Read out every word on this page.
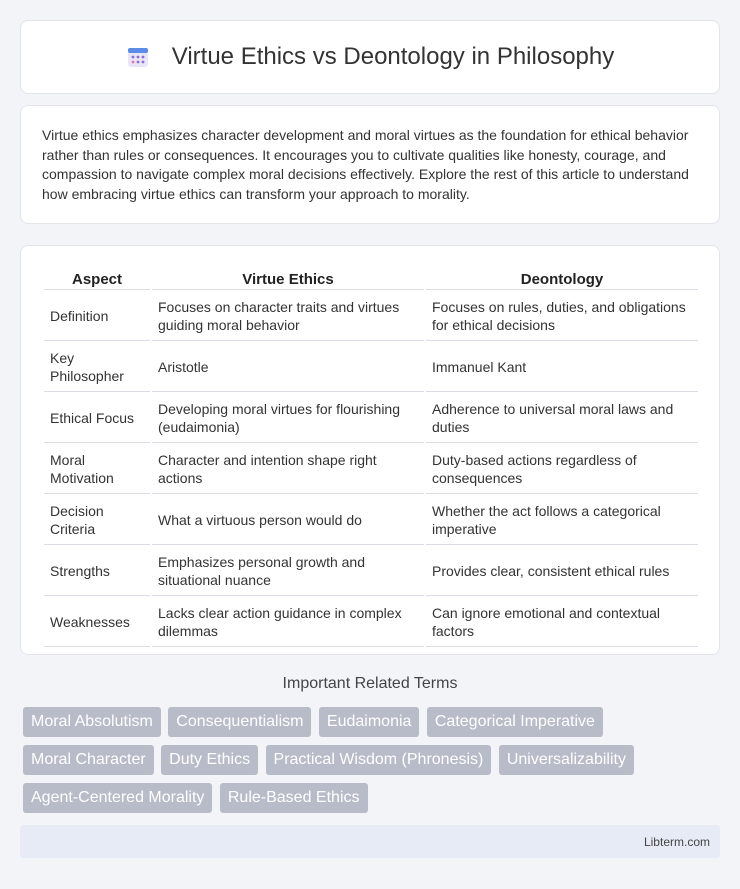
Virtue Ethics vs Deontology in Philosophy

Virtue ethics emphasizes character development and moral virtues as the foundation for ethical behavior rather than rules or consequences. It encourages you to cultivate qualities like honesty, courage, and compassion to navigate complex moral decisions effectively. Explore the rest of this article to understand how embracing virtue ethics can transform your approach to morality.

Aspect	Virtue Ethics	Deontology
Definition	Focuses on character traits and virtues guiding moral behavior	Focuses on rules, duties, and obligations for ethical decisions
Key Philosopher	Aristotle	Immanuel Kant
Ethical Focus	Developing moral virtues for flourishing (eudaimonia)	Adherence to universal moral laws and duties
Moral Motivation	Character and intention shape right actions	Duty-based actions regardless of consequences
Decision Criteria	What a virtuous person would do	Whether the act follows a categorical imperative
Strengths	Emphasizes personal growth and situational nuance	Provides clear, consistent ethical rules
Weaknesses	Lacks clear action guidance in complex dilemmas	Can ignore emotional and contextual factors
Important Related Terms
Moral Absolutism Consequentialism Eudaimonia Categorical Imperative Moral Character Duty Ethics Practical Wisdom (Phronesis) Universalizability Agent-Centered Morality Rule-Based Ethics
Libterm.com
